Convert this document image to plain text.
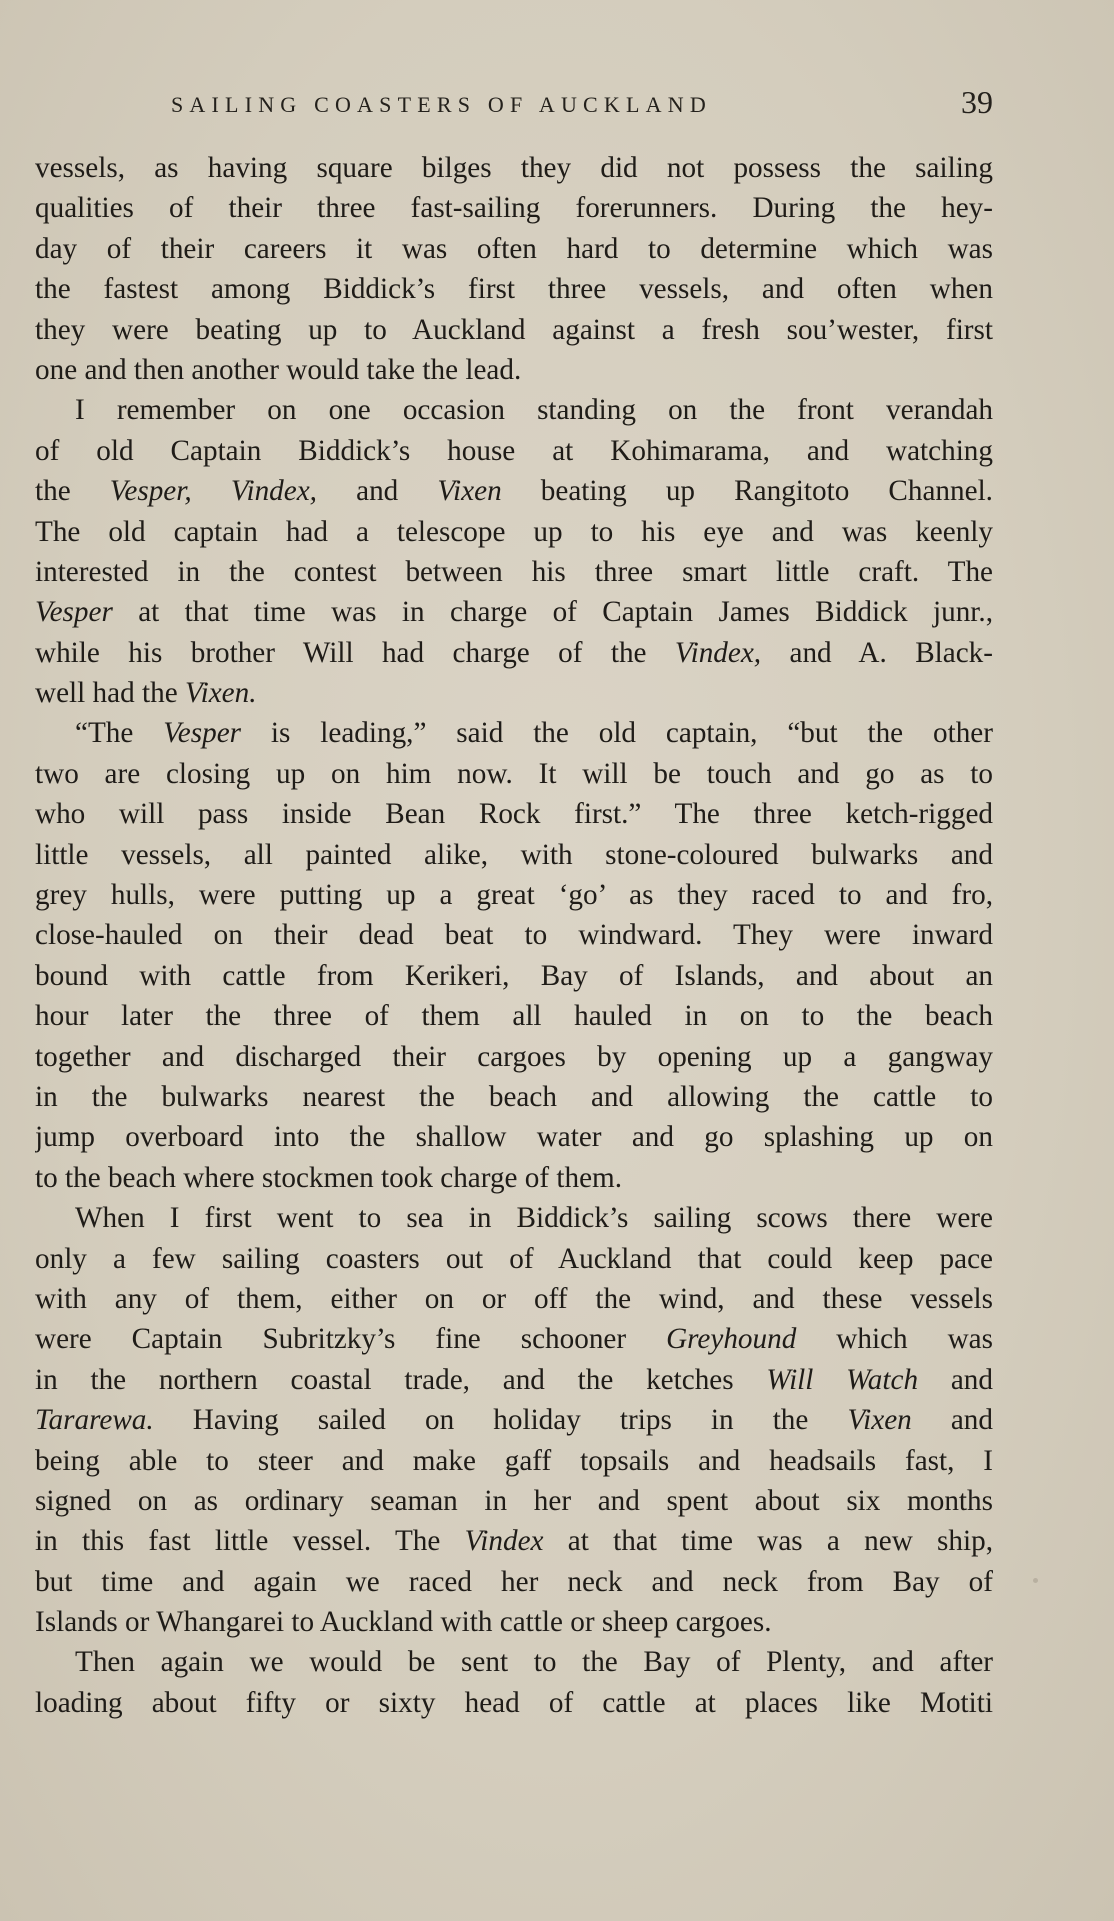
SAILING COASTERS OF AUCKLAND	39
vessels, as having square bilges they did not possess the sailing
qualities of their three fast-sailing forerunners. During the hey-
day of their careers it was often hard to determine which was
the fastest among Biddick’s first three vessels, and often when
they were beating up to Auckland against a fresh sou’wester, first
one and then another would take the lead.
I remember on one occasion standing on the front verandah
of old Captain Biddick’s house at Kohimarama, and watching
the Vesper, Vindex, and Vixen beating up Rangitoto Channel.
The old captain had a telescope up to his eye and was keenly
interested in the contest between his three smart little craft. The
Vesper at that time was in charge of Captain James Biddick junr.,
while his brother Will had charge of the Vindex, and A. Black-
well had the Vixen.
“The Vesper is leading,” said the old captain, “but the other
two are closing up on him now. It will be touch and go as to
who will pass inside Bean Rock first.” The three ketch-rigged
little vessels, all painted alike, with stone-coloured bulwarks and
grey hulls, were putting up a great ‘go’ as they raced to and fro,
close-hauled on their dead beat to windward. They were inward
bound with cattle from Kerikeri, Bay of Islands, and about an
hour later the three of them all hauled in on to the beach
together and discharged their cargoes by opening up a gangway
in the bulwarks nearest the beach and allowing the cattle to
jump overboard into the shallow water and go splashing up on
to the beach where stockmen took charge of them.
When I first went to sea in Biddick’s sailing scows there were
only a few sailing coasters out of Auckland that could keep pace
with any of them, either on or off the wind, and these vessels
were Captain Subritzky’s fine schooner Greyhound which was
in the northern coastal trade, and the ketches Will Watch and
Tararewa. Having sailed on holiday trips in the Vixen and
being able to steer and make gaff topsails and headsails fast, I
signed on as ordinary seaman in her and spent about six months
in this fast little vessel. The Vindex at that time was a new ship,
but time and again we raced her neck and neck from Bay of
Islands or Whangarei to Auckland with cattle or sheep cargoes.
Then again we would be sent to the Bay of Plenty, and after
loading about fifty or sixty head of cattle at places like Motiti
